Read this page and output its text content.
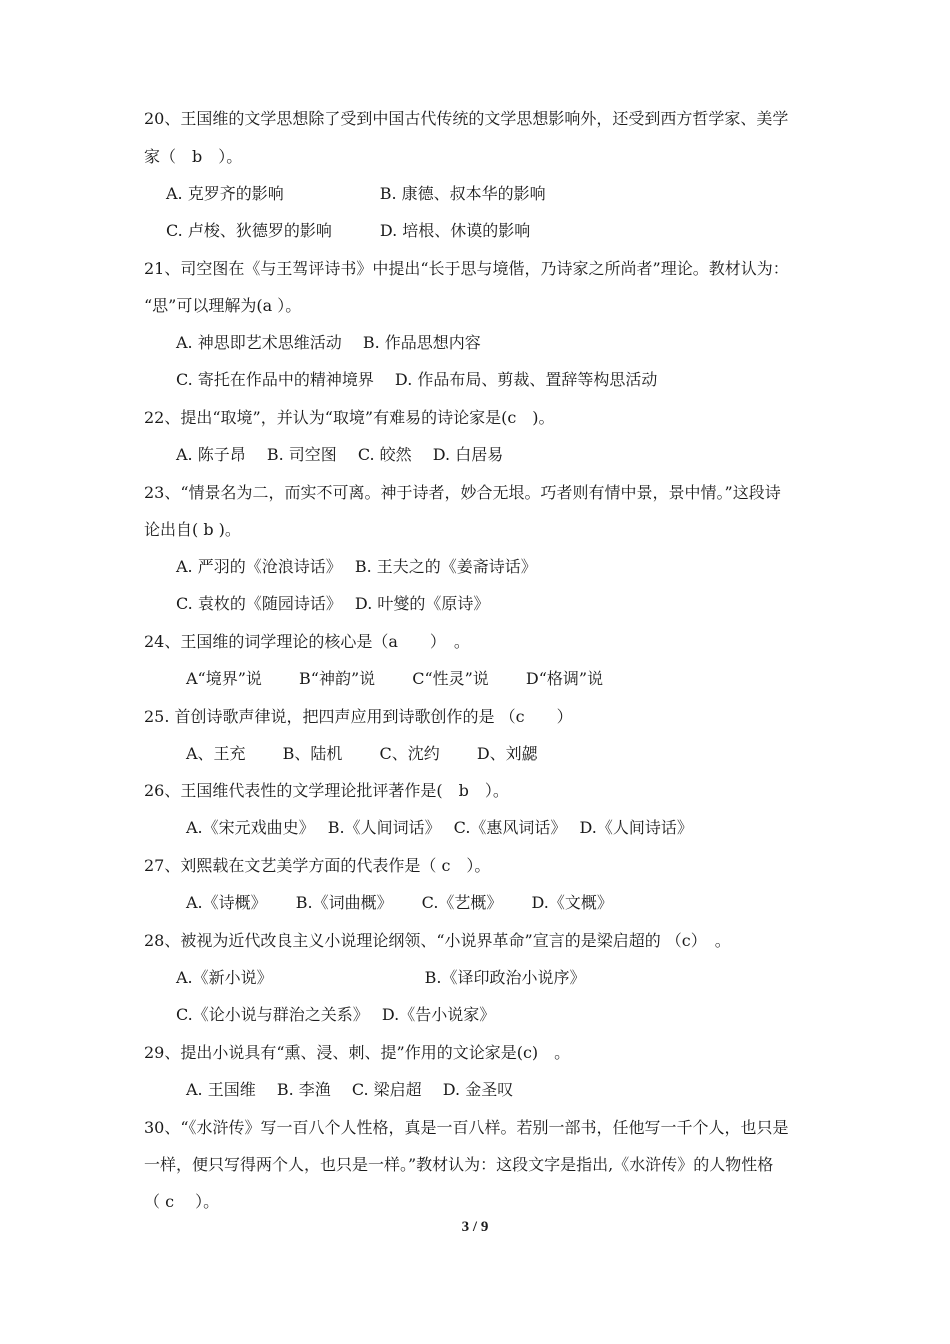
20、王国维的文学思想除了受到中国古代传统的文学思想影响外，还受到西方哲学家、美学
家（　b　）。
A. 克罗齐的影响　　　　　　B. 康德、叔本华的影响
C. 卢梭、狄德罗的影响　　　D. 培根、休谟的影响
21、司空图在《与王驾评诗书》中提出“长于思与境偕，乃诗家之所尚者”理论。教材认为：
“思”可以理解为(a ）。
A. 神思即艺术思维活动　 B. 作品思想内容
C. 寄托在作品中的精神境界　 D. 作品布局、剪裁、置辞等构思活动
22、提出“取境”，并认为“取境”有难易的诗论家是(c　)。
A. 陈子昂　 B. 司空图　 C. 皎然　 D. 白居易
23、“情景名为二，而实不可离。神于诗者，妙合无垠。巧者则有情中景，景中情。”这段诗
论出自( b )。
A. 严羽的《沧浪诗话》　 B. 王夫之的《姜斋诗话》
C. 袁枚的《随园诗话》　 D. 叶燮的《原诗》
24、王国维的词学理论的核心是（a　　）　。
A“境界”说　　 B“神韵”说　　 C“性灵”说　　 D“格调”说
25. 首创诗歌声律说，把四声应用到诗歌创作的是 （c　　）
A、王充　　 B、陆机　　 C、沈约　　 D、刘勰
26、王国维代表性的文学理论批评著作是(　b　）。
A.《宋元戏曲史》　 B.《人间词话》　 C.《惠风词话》　 D.《人间诗话》
27、刘熙载在文艺美学方面的代表作是（ c　）。
A.《诗概》　　 B.《词曲概》　　 C.《艺概》　　 D.《文概》
28、被视为近代改良主义小说理论纲领、“小说界革命”宣言的是梁启超的 （c）　。
A.《新小说》　　　　　　　　　　B.《译印政治小说序》
C.《论小说与群治之关系》　 D.《告小说家》
29、提出小说具有“熏、浸、刺、提”作用的文论家是(c)　。
A. 王国维　 B. 李渔　 C. 梁启超　 D. 金圣叹
30、“《水浒传》写一百八个人性格，真是一百八样。若别一部书，任他写一千个人，也只是
一样，便只写得两个人，也只是一样。”教材认为：这段文字是指出,《水浒传》的人物性格
（ c　 ）。
3 / 9
